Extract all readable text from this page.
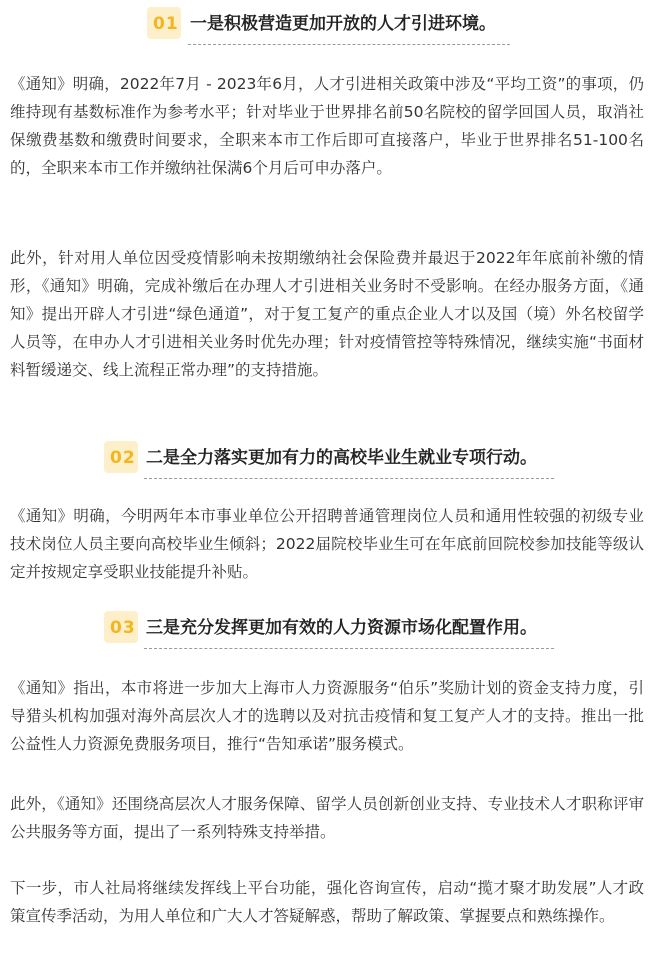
01 一是积极营造更加开放的人才引进环境。

《通知》明确，2022年7月 - 2023年6月，人才引进相关政策中涉及“平均工资”的事项，仍维持现有基数标准作为参考水平；针对毕业于世界排名前50名院校的留学回国人员，取消社保缴费基数和缴费时间要求，全职来本市工作后即可直接落户，毕业于世界排名51-100名的，全职来本市工作并缴纳社保满6个月后可申办落户。

此外，针对用人单位因受疫情影响未按期缴纳社会保险费并最迟于2022年年底前补缴的情形，《通知》明确，完成补缴后在办理人才引进相关业务时不受影响。在经办服务方面，《通知》提出开辟人才引进“绿色通道”，对于复工复产的重点企业人才以及国（境）外名校留学人员等，在申办人才引进相关业务时优先办理；针对疫情管控等特殊情况，继续实施“书面材料暂缓递交、线上流程正常办理”的支持措施。

02 二是全力落实更加有力的高校毕业生就业专项行动。

《通知》明确，今明两年本市事业单位公开招聘普通管理岗位人员和通用性较强的初级专业技术岗位人员主要向高校毕业生倾斜；2022届院校毕业生可在年底前回院校参加技能等级认定并按规定享受职业技能提升补贴。

03 三是充分发挥更加有效的人力资源市场化配置作用。

《通知》指出，本市将进一步加大上海市人力资源服务“伯乐”奖励计划的资金支持力度，引导猎头机构加强对海外高层次人才的选聘以及对抗击疫情和复工复产人才的支持。推出一批公益性人力资源免费服务项目，推行“告知承诺”服务模式。

此外，《通知》还围绕高层次人才服务保障、留学人员创新创业支持、专业技术人才职称评审公共服务等方面，提出了一系列特殊支持举措。

下一步，市人社局将继续发挥线上平台功能，强化咨询宣传，启动“揽才聚才助发展”人才政策宣传季活动，为用人单位和广大人才答疑解惑，帮助了解政策、掌握要点和熟练操作。
